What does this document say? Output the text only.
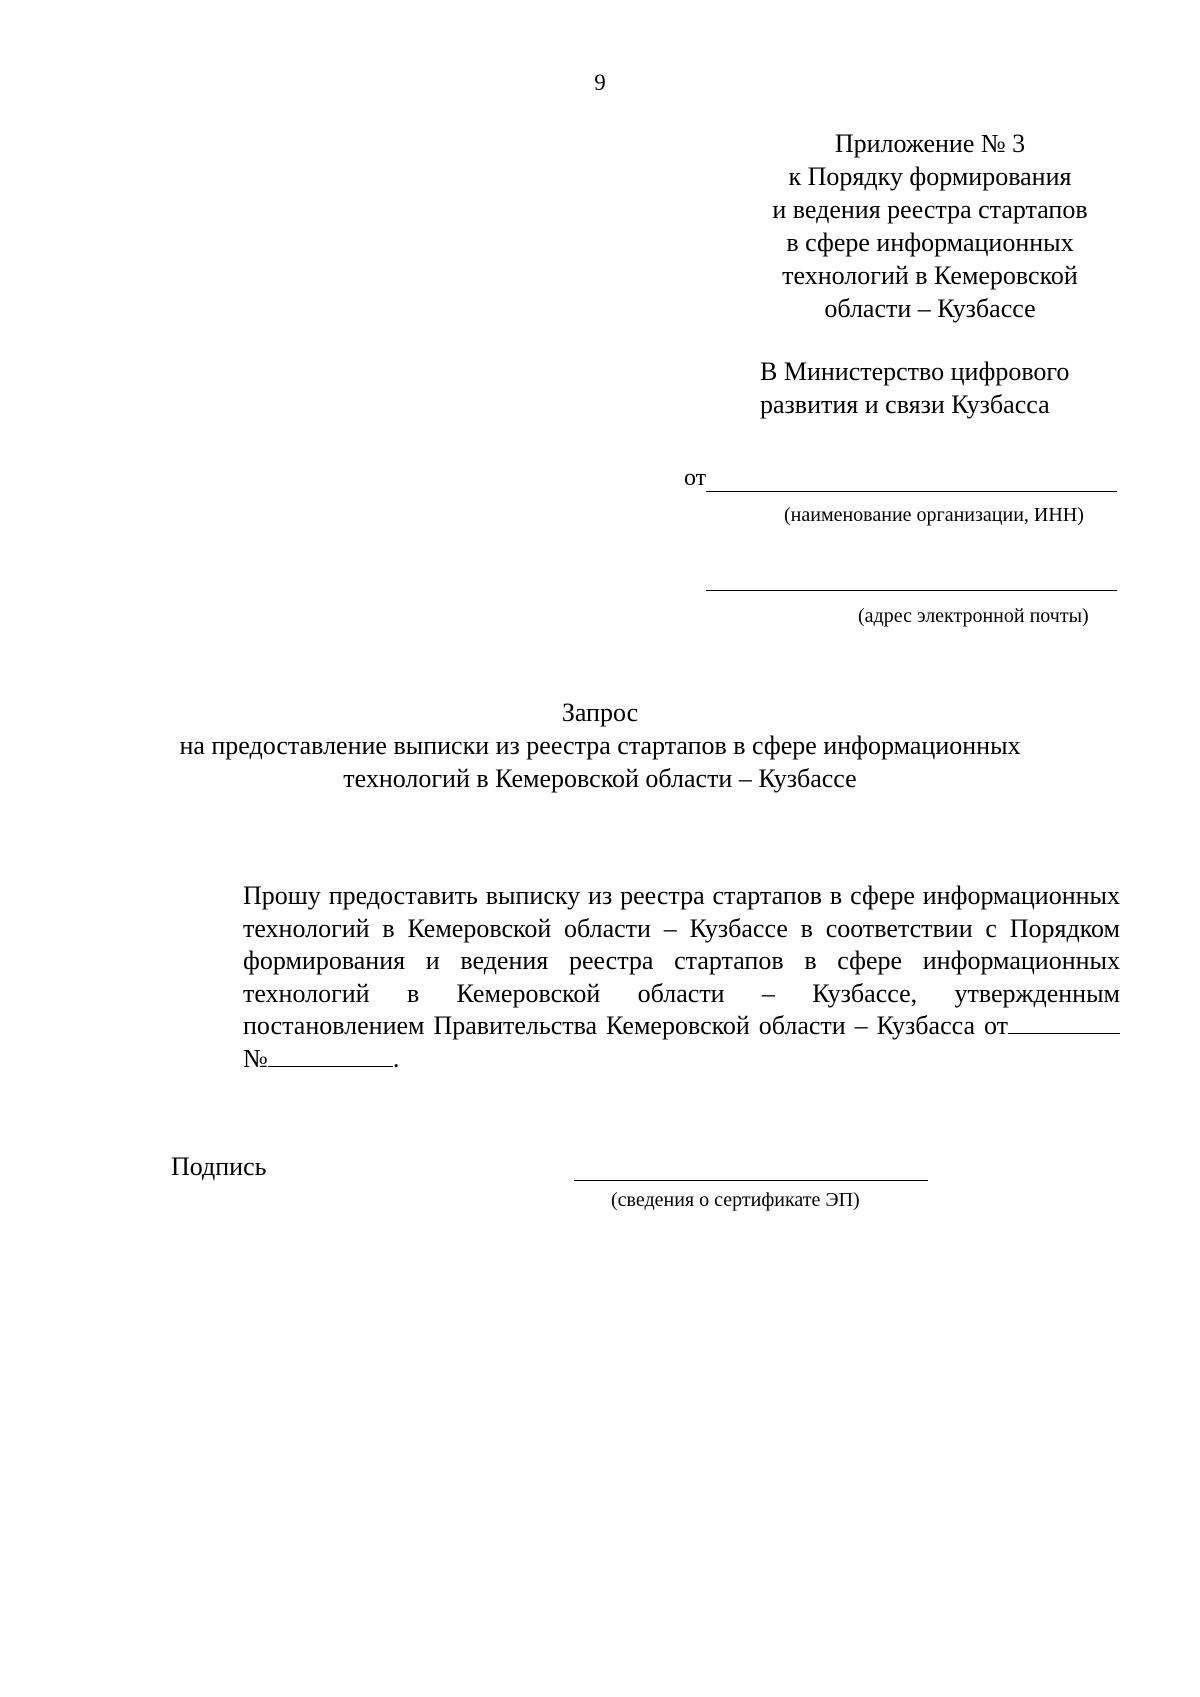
9
Приложение № 3
к Порядку формирования
и ведения реестра стартапов
в сфере информационных
технологий в Кемеровской
области – Кузбассе
В Министерство цифрового
развития и связи Кузбасса
от
(наименование организации, ИНН)
(адрес электронной почты)
Запрос
на предоставление выписки из реестра стартапов в сфере информационных
технологий в Кемеровской области – Кузбассе
Прошу предоставить выписку из реестра стартапов в сфере информационных технологий в Кемеровской области – Кузбассе в соответствии с Порядком формирования и ведения реестра стартапов в сфере информационных технологий в Кемеровской области – Кузбассе, утвержденным постановлением Правительства Кемеровской области – Кузбасса от№	.
Подпись
(сведения о сертификате ЭП)
